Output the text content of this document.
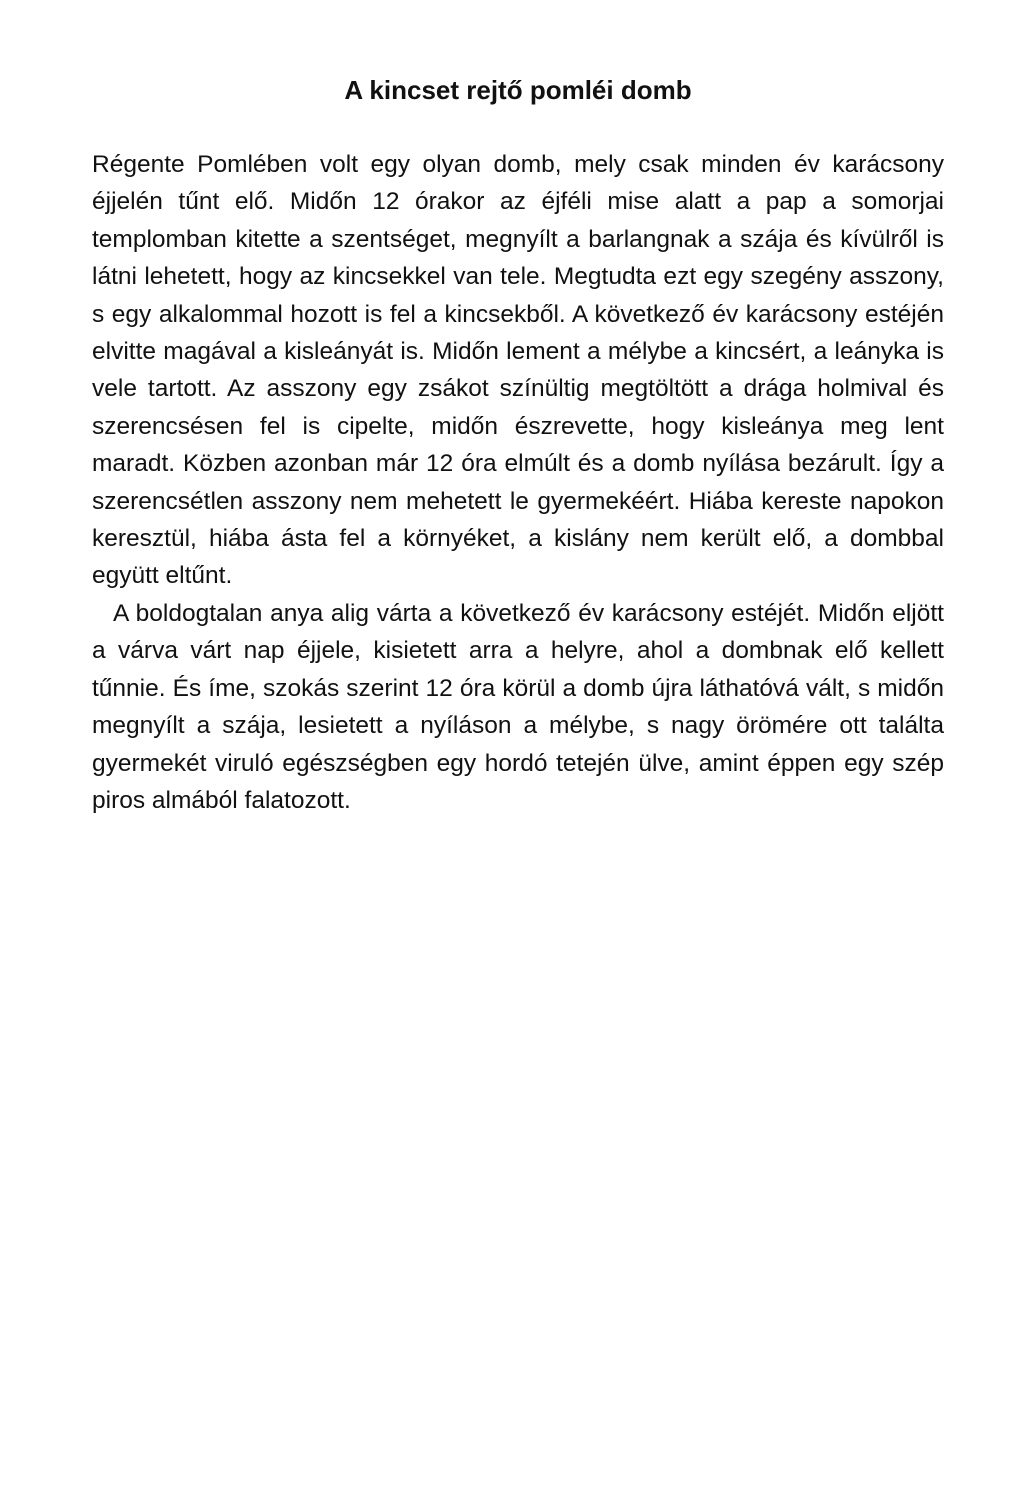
A kincset rejtő pomléi domb

Régente Pomlében volt egy olyan domb, mely csak minden év karácsony éjjelén tűnt elő. Midőn 12 órakor az éjféli mise alatt a pap a somorjai templomban kitette a szentséget, megnyílt a barlangnak a szája és kívülről is látni lehetett, hogy az kincsekkel van tele. Megtudta ezt egy szegény asszony, s egy alkalommal hozott is fel a kincsekből. A következő év karácsony estéjén elvitte magával a kisleányát is. Midőn lement a mélybe a kincsért, a leányka is vele tartott. Az asszony egy zsákot színültig megtöltött a drága holmival és szerencsésen fel is cipelte, midőn észrevette, hogy kisleánya meg lent maradt. Közben azonban már 12 óra elmúlt és a domb nyílása bezárult. Így a szerencsétlen asszony nem mehetett le gyermekéért. Hiába kereste napokon keresztül, hiába ásta fel a környéket, a kislány nem került elő, a dombbal együtt eltűnt.

A boldogtalan anya alig várta a következő év karácsony estéjét. Midőn eljött a várva várt nap éjjele, kisietett arra a helyre, ahol a dombnak elő kellett tűnnie. És íme, szokás szerint 12 óra körül a domb újra láthatóvá vált, s midőn megnyílt a szája, lesietett a nyíláson a mélybe, s nagy örömére ott találta gyermekét viruló egészségben egy hordó tetején ülve, amint éppen egy szép piros almából falatozott.
